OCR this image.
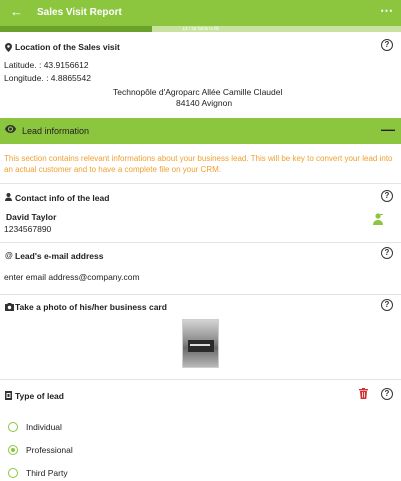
← Sales Visit Report	⋯
12 / 32 fields to fill
Location of the Sales visit	?
Latitude. : 43.9156612
Longitude. : 4.8865542
Technopôle d'Agroparc Allée Camille Claudel
84140 Avignon
Lead information	—
This section contains relevant informations about your business lead. This will be key to convert your lead into an actual customer and to have a complete file on your CRM.
Contact info of the lead	?
David Taylor
1234567890
@ Lead's e-mail address	?
enter email address@company.com
Take a photo of his/her business card	?
Type of lead	?
Individual
Professional
Third Party
